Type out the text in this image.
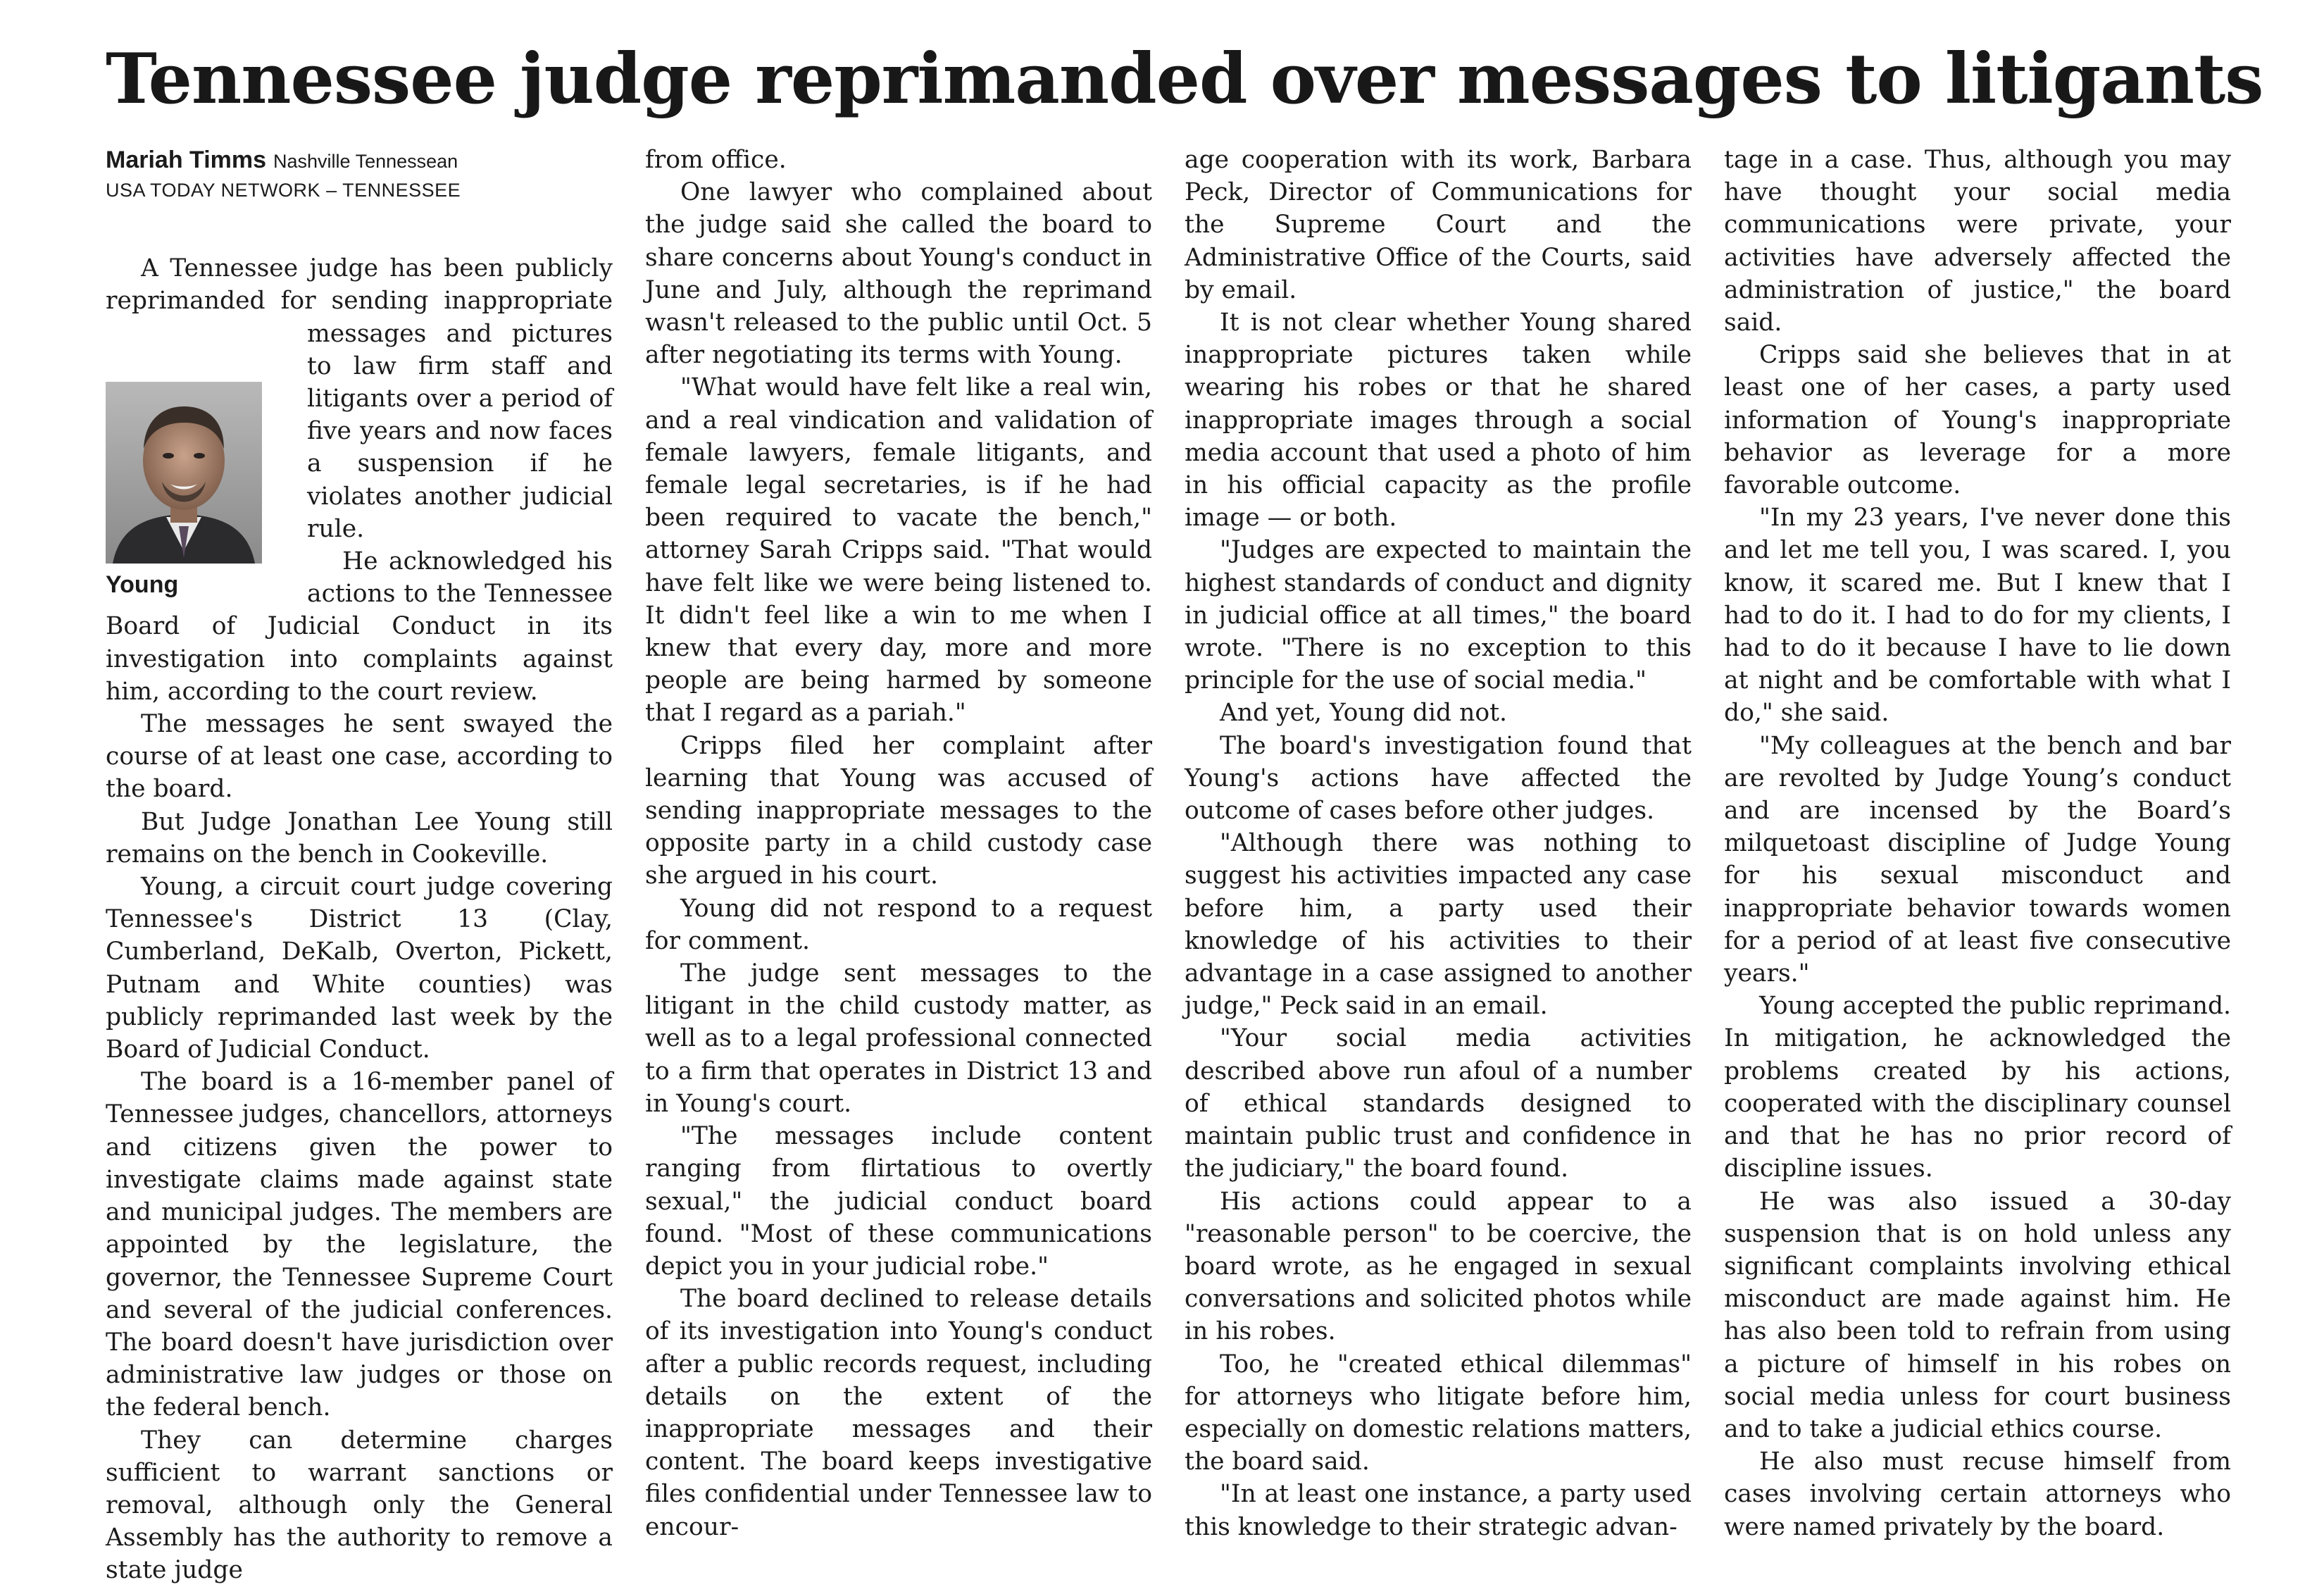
Tennessee judge reprimanded over messages to litigants
Mariah Timms Nashville Tennessean
USA TODAY NETWORK – TENNESSEE
Young

A Tennessee judge has been publicly reprimanded for sending inappropriate messages and pictures to law firm staff and litigants over a period of five years and now faces a suspension if he violates another judicial rule.

He acknowledged his actions to the Tennessee Board of Judicial Conduct in its investigation into complaints against him, according to the court review.

The messages he sent swayed the course of at least one case, according to the board.

But Judge Jonathan Lee Young still remains on the bench in Cookeville.

Young, a circuit court judge covering Tennessee's District 13 (Clay, Cumberland, DeKalb, Overton, Pickett, Putnam and White counties) was publicly reprimanded last week by the Board of Judicial Conduct.

The board is a 16-member panel of Tennessee judges, chancellors, attorneys and citizens given the power to investigate claims made against state and municipal judges. The members are appointed by the legislature, the governor, the Tennessee Supreme Court and several of the judicial conferences. The board doesn't have jurisdiction over administrative law judges or those on the federal bench.

They can determine charges sufficient to warrant sanctions or removal, although only the General Assembly has the authority to remove a state judge

from office.

One lawyer who complained about the judge said she called the board to share concerns about Young's conduct in June and July, although the reprimand wasn't released to the public until Oct. 5 after negotiating its terms with Young.

"What would have felt like a real win, and a real vindication and validation of female lawyers, female litigants, and female legal secretaries, is if he had been required to vacate the bench," attorney Sarah Cripps said. "That would have felt like we were being listened to. It didn't feel like a win to me when I knew that every day, more and more people are being harmed by someone that I regard as a pariah."

Cripps filed her complaint after learning that Young was accused of sending inappropriate messages to the opposite party in a child custody case she argued in his court.

Young did not respond to a request for comment.

The judge sent messages to the litigant in the child custody matter, as well as to a legal professional connected to a firm that operates in District 13 and in Young's court.

"The messages include content ranging from flirtatious to overtly sexual," the judicial conduct board found. "Most of these communications depict you in your judicial robe."

The board declined to release details of its investigation into Young's conduct after a public records request, including details on the extent of the inappropriate messages and their content. The board keeps investigative files confidential under Tennessee law to encour-

age cooperation with its work, Barbara Peck, Director of Communications for the Supreme Court and the Administrative Office of the Courts, said by email.

It is not clear whether Young shared inappropriate pictures taken while wearing his robes or that he shared inappropriate images through a social media account that used a photo of him in his official capacity as the profile image — or both.

"Judges are expected to maintain the highest standards of conduct and dignity in judicial office at all times," the board wrote. "There is no exception to this principle for the use of social media."

And yet, Young did not.

The board's investigation found that Young's actions have affected the outcome of cases before other judges.

"Although there was nothing to suggest his activities impacted any case before him, a party used their knowledge of his activities to their advantage in a case assigned to another judge," Peck said in an email.

"Your social media activities described above run afoul of a number of ethical standards designed to maintain public trust and confidence in the judiciary," the board found.

His actions could appear to a "reasonable person" to be coercive, the board wrote, as he engaged in sexual conversations and solicited photos while in his robes.

Too, he "created ethical dilemmas" for attorneys who litigate before him, especially on domestic relations matters, the board said.

"In at least one instance, a party used this knowledge to their strategic advan-

tage in a case. Thus, although you may have thought your social media communications were private, your activities have adversely affected the administration of justice," the board said.

Cripps said she believes that in at least one of her cases, a party used information of Young's inappropriate behavior as leverage for a more favorable outcome.

"In my 23 years, I've never done this and let me tell you, I was scared. I, you know, it scared me. But I knew that I had to do it. I had to do for my clients, I had to do it because I have to lie down at night and be comfortable with what I do," she said.

"My colleagues at the bench and bar are revolted by Judge Young’s conduct and are incensed by the Board’s milquetoast discipline of Judge Young for his sexual misconduct and inappropriate behavior towards women for a period of at least five consecutive years."

Young accepted the public reprimand. In mitigation, he acknowledged the problems created by his actions, cooperated with the disciplinary counsel and that he has no prior record of discipline issues.

He was also issued a 30-day suspension that is on hold unless any significant complaints involving ethical misconduct are made against him. He has also been told to refrain from using a picture of himself in his robes on social media unless for court business and to take a judicial ethics course.

He also must recuse himself from cases involving certain attorneys who were named privately by the board.
